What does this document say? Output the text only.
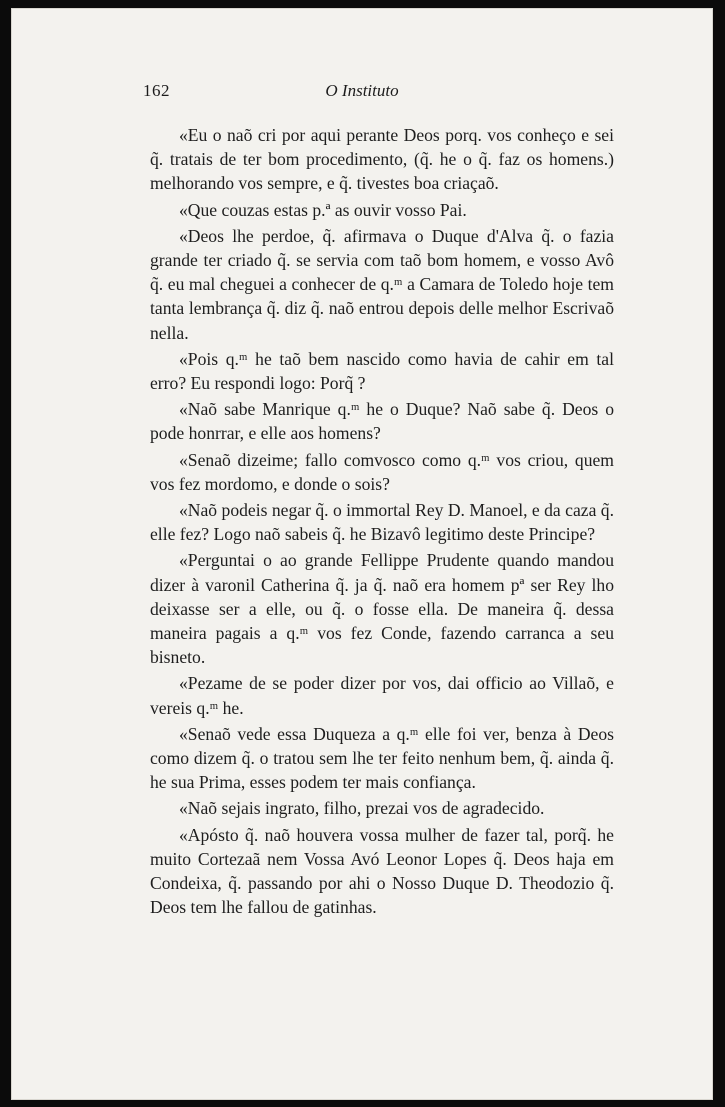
162	O Instituto

«Eu o naõ cri por aqui perante Deos porq. vos conheço e sei q̃. tratais de ter bom procedimento, (q̃. he o q̃. faz os homens.) melhorando vos sempre, e q̃. tivestes boa criaçaõ.

«Que couzas estas p.ª as ouvir vosso Pai.

«Deos lhe perdoe, q̃. afirmava o Duque d'Alva q̃. o fazia grande ter criado q̃. se servia com taõ bom homem, e vosso Avô q̃. eu mal cheguei a conhecer de q.ᵐ a Camara de Toledo hoje tem tanta lembrança q̃. diz q̃. naõ entrou depois delle melhor Escrivaõ nella.

«Pois q.ᵐ he taõ bem nascido como havia de cahir em tal erro? Eu respondi logo: Porq̃ ?

«Naõ sabe Manrique q.ᵐ he o Duque? Naõ sabe q̃. Deos o pode honrrar, e elle aos homens?

«Senaõ dizeime; fallo comvosco como q.ᵐ vos criou, quem vos fez mordomo, e donde o sois?

«Naõ podeis negar q̃. o immortal Rey D. Manoel, e da caza q̃. elle fez? Logo naõ sabeis q̃. he Bizavô legitimo deste Principe?

«Perguntai o ao grande Fellippe Prudente quando mandou dizer à varonil Catherina q̃. ja q̃. naõ era homem pª ser Rey lho deixasse ser a elle, ou q̃. o fosse ella. De maneira q̃. dessa maneira pagais a q.ᵐ vos fez Conde, fazendo carranca a seu bisneto.

«Pezame de se poder dizer por vos, dai officio ao Villaõ, e vereis q.ᵐ he.

«Senaõ vede essa Duqueza a q.ᵐ elle foi ver, benza à Deos como dizem q̃. o tratou sem lhe ter feito nenhum bem, q̃. ainda q̃. he sua Prima, esses podem ter mais confiança.

«Naõ sejais ingrato, filho, prezai vos de agradecido.

«Apósto q̃. naõ houvera vossa mulher de fazer tal, porq̃. he muito Cortezaã nem Vossa Avó Leonor Lopes q̃. Deos haja em Condeixa, q̃. passando por ahi o Nosso Duque D. Theodozio q̃. Deos tem lhe fallou de gatinhas.
